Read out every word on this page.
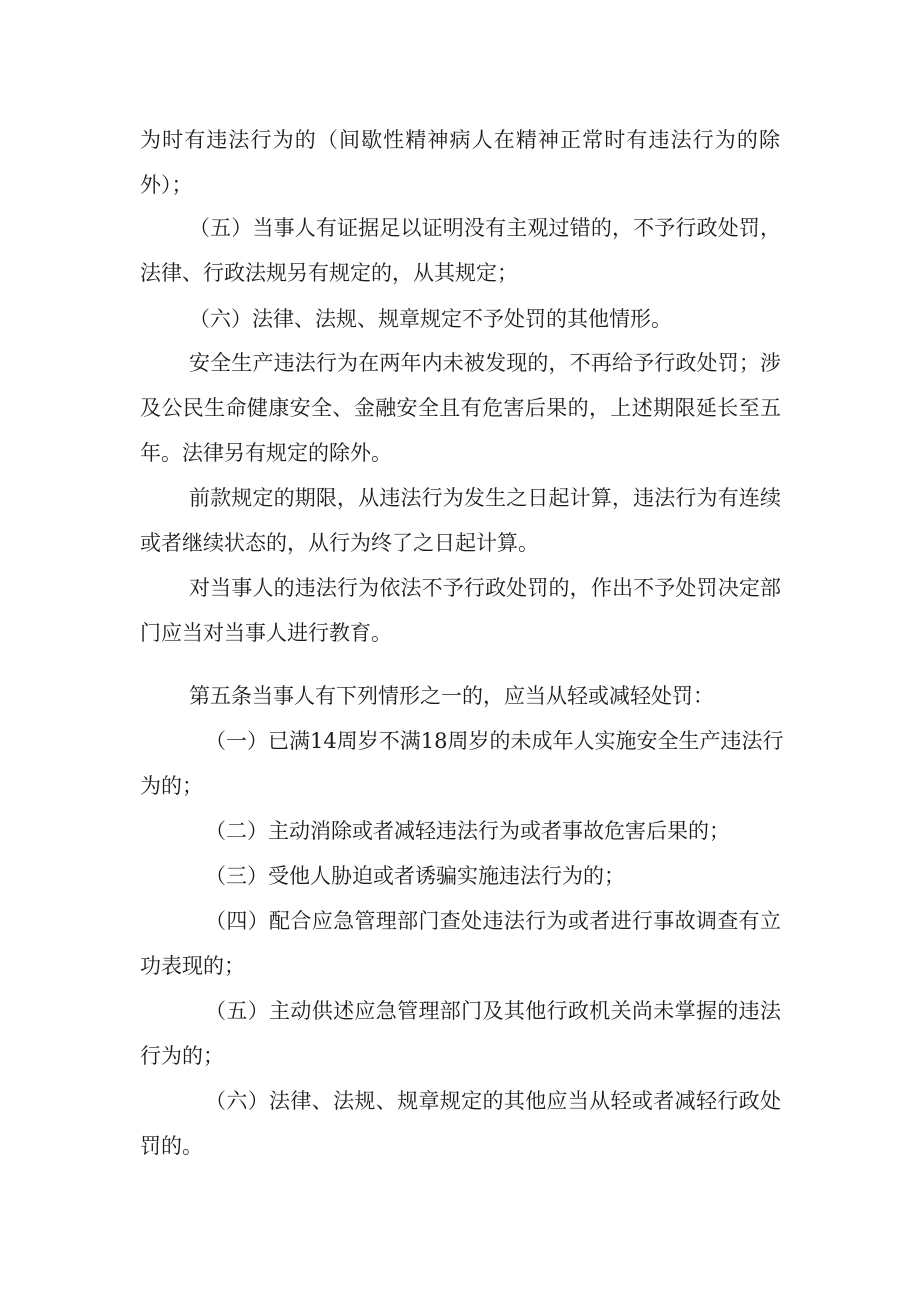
为时有违法行为的（间歇性精神病人在精神正常时有违法行为的除

外）；

（五）当事人有证据足以证明没有主观过错的，不予行政处罚，

法律、行政法规另有规定的，从其规定；

（六）法律、法规、规章规定不予处罚的其他情形。

安全生产违法行为在两年内未被发现的，不再给予行政处罚；涉

及公民生命健康安全、金融安全且有危害后果的，上述期限延长至五

年。法律另有规定的除外。

前款规定的期限，从违法行为发生之日起计算，违法行为有连续

或者继续状态的，从行为终了之日起计算。

对当事人的违法行为依法不予行政处罚的，作出不予处罚决定部

门应当对当事人进行教育。

第五条当事人有下列情形之一的，应当从轻或减轻处罚：

（一）已满14周岁不满18周岁的未成年人实施安全生产违法行

为的；

（二）主动消除或者减轻违法行为或者事故危害后果的；

（三）受他人胁迫或者诱骗实施违法行为的；

（四）配合应急管理部门查处违法行为或者进行事故调查有立

功表现的；

（五）主动供述应急管理部门及其他行政机关尚未掌握的违法

行为的；

（六）法律、法规、规章规定的其他应当从轻或者减轻行政处

罚的。
